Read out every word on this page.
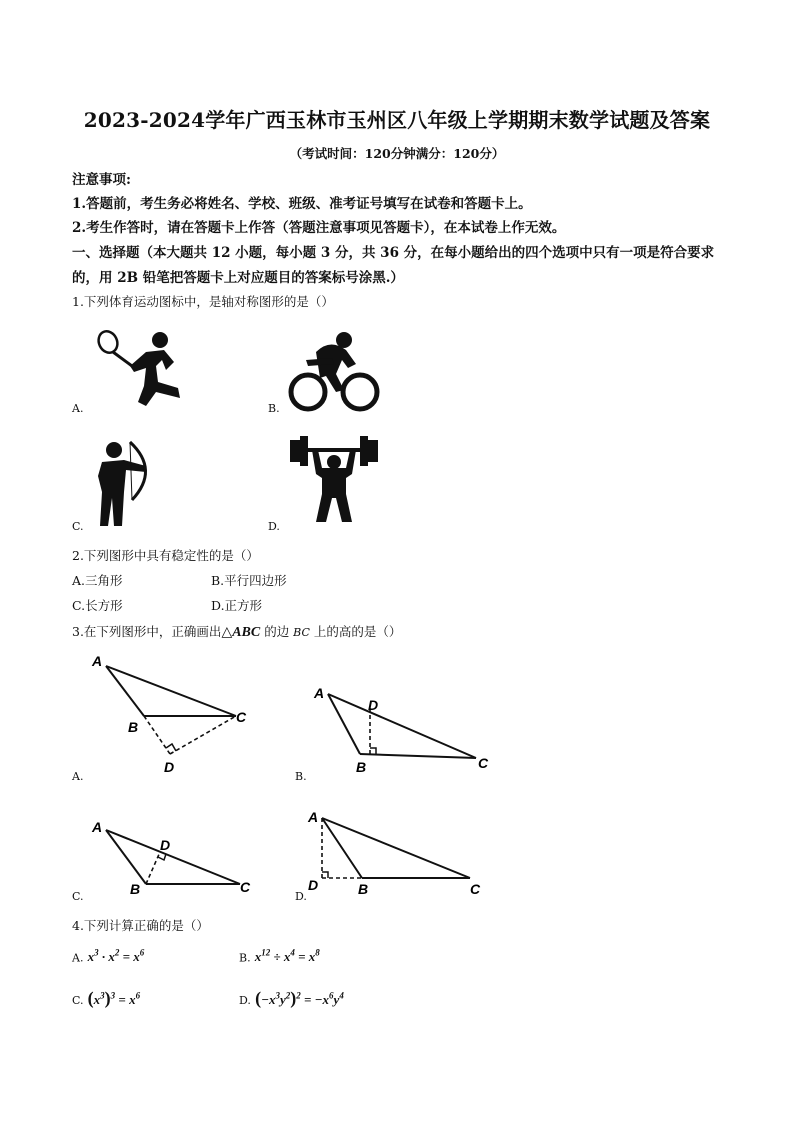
2023-2024学年广西玉林市玉州区八年级上学期期末数学试题及答案
（考试时间：120分钟满分：120分）
注意事项:
1.答题前，考生务必将姓名、学校、班级、准考证号填写在试卷和答题卡上。
2.考生作答时，请在答题卡上作答（答题注意事项见答题卡），在本试卷上作无效。
一、选择题（本大题共 12 小题，每小题 3 分，共 36 分，在每小题给出的四个选项中只有一项是符合要求
的，用 2B 铅笔把答题卡上对应题目的答案标号涂黑.）
1.下列体育运动图标中，是轴对称图形的是（）
A.	B.
C.	D.
2.下列图形中具有稳定性的是（）
A.三角形	B.平行四边形
C.长方形	D.正方形
3.在下列图形中，正确画出△ABC 的边 BC 上的高的是（）
A
B
C
D
A.
A
D
B	C
B.
A
D
B	C
C.
A
D	B	C
D.
4.下列计算正确的是（）
A. $x^3 \cdot x^2 = x^6$	B. $x^{12} \div x^4 = x^8$
C. $(x^3)^3 = x^6$	D. $(-x^3y^2)^2 = -x^6y^4$
